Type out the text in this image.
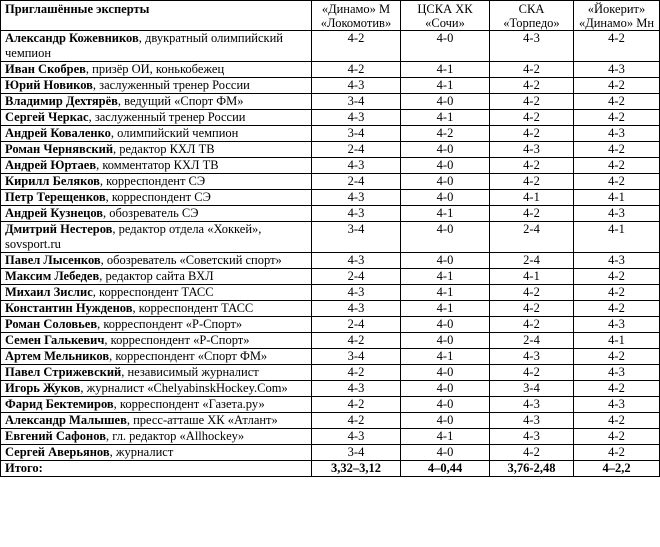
Приглашённые эксперты	«Динамо» М «Локомотив»	ЦСКА ХК «Сочи»	СКА «Торпедо»	«Йокерит» «Динамо» Мн
Александр Кожевников, двукратный олимпийский чемпион	4-2	4-0	4-3	4-2
Иван Скобрев, призёр ОИ, конькобежец	4-2	4-1	4-2	4-3
Юрий Новиков, заслуженный тренер России	4-3	4-1	4-2	4-2
Владимир Дехтярёв, ведущий «Спорт ФМ»	3-4	4-0	4-2	4-2
Сергей Черкас, заслуженный тренер России	4-3	4-1	4-2	4-2
Андрей Коваленко, олимпийский чемпион	3-4	4-2	4-2	4-3
Роман Чернявский, редактор КХЛ ТВ	2-4	4-0	4-3	4-2
Андрей Юртаев, комментатор КХЛ ТВ	4-3	4-0	4-2	4-2
Кирилл Беляков, корреспондент СЭ	2-4	4-0	4-2	4-2
Петр Терещенков, корреспондент СЭ	4-3	4-0	4-1	4-1
Андрей Кузнецов, обозреватель СЭ	4-3	4-1	4-2	4-3
Дмитрий Нестеров, редактор отдела «Хоккей», sovsport.ru	3-4	4-0	2-4	4-1
Павел Лысенков, обозреватель «Советский спорт»	4-3	4-0	2-4	4-3
Максим Лебедев, редактор сайта ВХЛ	2-4	4-1	4-1	4-2
Михаил Зислис, корреспондент ТАСС	4-3	4-1	4-2	4-2
Константин Нужденов, корреспондент ТАСС	4-3	4-1	4-2	4-2
Роман Соловьев, корреспондент «Р-Спорт»	2-4	4-0	4-2	4-3
Семен Галькевич, корреспондент «Р-Спорт»	4-2	4-0	2-4	4-1
Артем Мельников, корреспондент «Спорт ФМ»	3-4	4-1	4-3	4-2
Павел Стрижевский, независимый журналист	4-2	4-0	4-2	4-3
Игорь Жуков, журналист «ChelyabinskHockey.Com»	4-3	4-0	3-4	4-2
Фарид Бектемиров, корреспондент «Газета.ру»	4-2	4-0	4-3	4-3
Александр Малышев, пресс-атташе ХК «Атлант»	4-2	4-0	4-3	4-2
Евгений Сафонов, гл. редактор «Allhockey»	4-3	4-1	4-3	4-2
Сергей Аверьянов, журналист	3-4	4-0	4-2	4-2
Итого:	3,32–3,12	4–0,44	3,76-2,48	4–2,2
